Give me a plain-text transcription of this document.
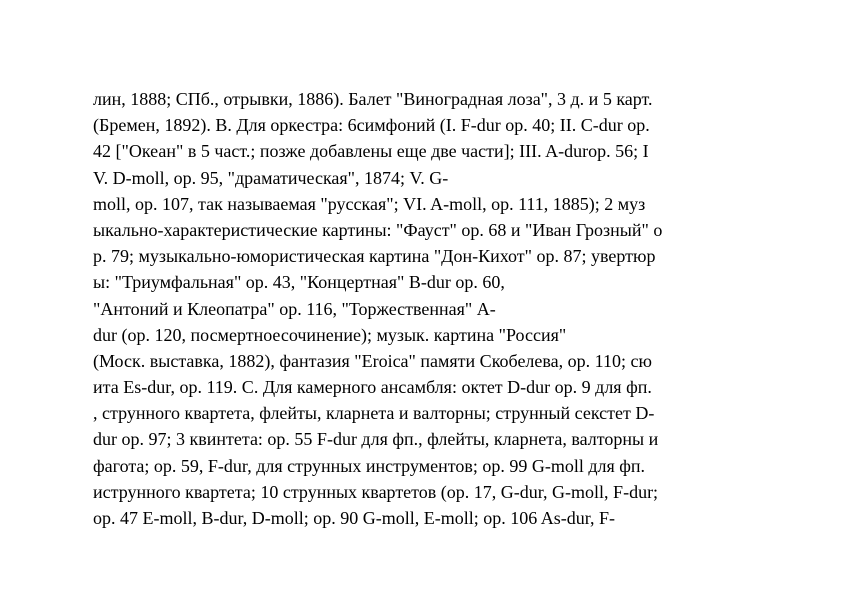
лин, 1888; СПб., отрывки, 1886). Балет "Виноградная лоза", 3 д. и 5 карт.
(Бремен, 1892). В. Для оркестра: 6симфоний (I. F-dur op. 40; II. C-dur op.
42 ["Океан" в 5 част.; позже добавлены еще две части]; III. A-durop. 56; I
V. D-moll, op. 95, "драматическая", 1874; V. G-
moll, op. 107, так называемая "русская"; VI. A-moll, op. 111, 1885); 2 муз
ыкально-характеристические картины: "Фауст" op. 68 и "Иван Грозный" о
p. 79; музыкально-юмористическая картина "Дон-Кихот" op. 87; увертюр
ы: "Триумфальная" op. 43, "Концертная" B-dur op. 60,
"Антоний и Клеопатра" op. 116, "Торжественная" A-
dur (op. 120, посмертноесочинение); музык. картина "Россия"
(Моск. выставка, 1882), фантазия "Eroica" памяти Скобелева, op. 110; сю
ита Es-dur, op. 119. C. Для камерного ансамбля: октет D-dur op. 9 для фп.
, струнного квартета, флейты, кларнета и валторны; струнный секстет D-
dur op. 97; 3 квинтета: op. 55 F-dur для фп., флейты, кларнета, валторны и
фагота; op. 59, F-dur, для струнных инструментов; op. 99 G-moll для фп.
иструнного квартета; 10 струнных квартетов (op. 17, G-dur, G-moll, F-dur;
op. 47 E-moll, B-dur, D-moll; op. 90 G-moll, E-moll; op. 106 As-dur, F-
